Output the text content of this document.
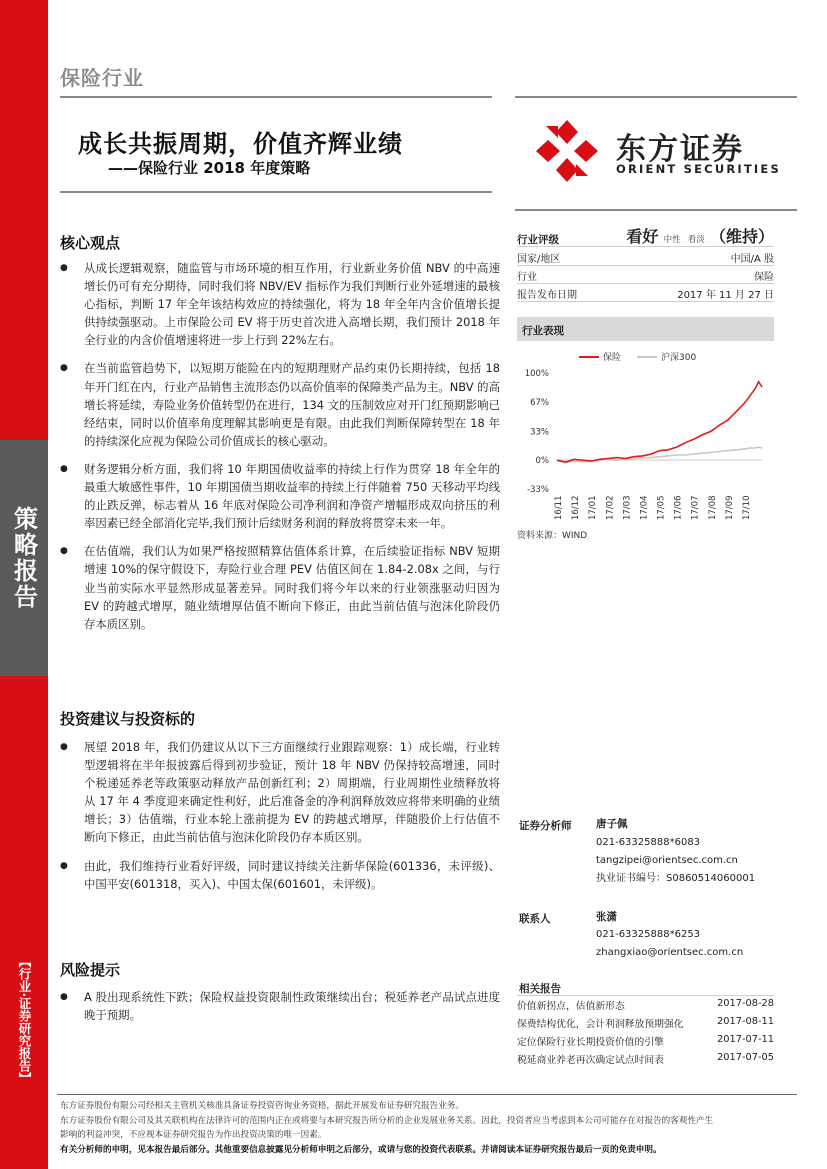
策略报告
【行业·证券研究报告】
保险行业
成长共振周期，价值齐辉业绩
——保险行业 2018 年度策略
东方证券
ORIENT SECURITIES
核心观点
● 从成长逻辑观察，随监管与市场环境的相互作用，行业新业务价值 NBV 的中高速增长仍可有充分期待，同时我们将 NBV/EV 指标作为我们判断行业外延增速的最核心指标，判断 17 年全年该结构效应的持续强化，将为 18 年全年内含价值增长提供持续强驱动。上市保险公司 EV 将于历史首次进入高增长期，我们预计 2018 年全行业的内含价值增速将进一步上行到 22%左右。
● 在当前监管趋势下，以短期万能险在内的短期理财产品约束仍长期持续，包括 18 年开门红在内，行业产品销售主流形态仍以高价值率的保障类产品为主。NBV 的高增长将延续，寿险业务价值转型仍在进行，134 文的压制效应对开门红预期影响已经结束，同时以价值率角度理解其影响更是有限。由此我们判断保障转型在 18 年的持续深化应视为保险公司价值成长的核心驱动。
● 财务逻辑分析方面，我们将 10 年期国债收益率的持续上行作为贯穿 18 年全年的最重大敏感性事件，10 年期国债当期收益率的持续上行伴随着 750 天移动平均线的止跌反弹，标志着从 16 年底对保险公司净利润和净资产增幅形成双向挤压的利率因素已经全部消化完毕,我们预计后续财务利润的释放将贯穿未来一年。
● 在估值端，我们认为如果严格按照精算估值体系计算，在后续验证指标 NBV 短期增速 10%的保守假设下，寿险行业合理 PEV 估值区间在 1.84-2.08x 之间，与行业当前实际水平显然形成显著差异。同时我们将今年以来的行业领涨驱动归因为 EV 的跨越式增厚，随业绩增厚估值不断向下修正，由此当前估值与泡沫化阶段仍存本质区别。
投资建议与投资标的
● 展望 2018 年，我们仍建议从以下三方面继续行业跟踪观察：1）成长端，行业转型逻辑将在半年报披露后得到初步验证，预计 18 年 NBV 仍保持较高增速，同时个税递延养老等政策驱动释放产品创新红利；2）周期端，行业周期性业绩释放将从 17 年 4 季度迎来确定性利好，此后准备金的净利润释放效应将带来明确的业绩增长；3）估值端，行业本轮上涨前提为 EV 的跨越式增厚，伴随股价上行估值不断向下修正，由此当前估值与泡沫化阶段仍存本质区别。
● 由此，我们维持行业看好评级，同时建议持续关注新华保险(601336，未评级)、中国平安(601318，买入)、中国太保(601601，未评级)。
风险提示
● A 股出现系统性下跌；保险权益投资限制性政策继续出台；税延养老产品试点进度晚于预期。
行业评级	看好 中性 看淡 （维持）
国家/地区	中国/A 股
行业	保险
报告发布日期	2017 年 11 月 27 日
行业表现
保险	沪深300
100%
67%
33%
0%
-33%
16/11 16/12 17/01 17/02 17/03 17/04 17/05 17/06 17/07 17/08 17/09 17/10
资料来源：WIND
证券分析师 唐子佩
021-63325888*6083
tangzipei@orientsec.com.cn
执业证书编号：S0860514060001
联系人	张潇
021-63325888*6253
zhangxiao@orientsec.com.cn
相关报告
价值新拐点，估值新形态	2017-08-28
保费结构优化，会计利润释放预期强化	2017-08-11
定位保险行业长期投资价值的引擎	2017-07-11
税延商业养老再次确定试点时间表	2017-07-05
东方证券股份有限公司经相关主管机关核准具备证券投资咨询业务资格，据此开展发布证券研究报告业务。
东方证券股份有限公司及其关联机构在法律许可的范围内正在或将要与本研究报告所分析的企业发展业务关系。因此，投资者应当考虑到本公司可能存在对报告的客观性产生
影响的利益冲突，不应视本证券研究报告为作出投资决策的唯一因素。
有关分析师的申明，见本报告最后部分。其他重要信息披露见分析师申明之后部分，或请与您的投资代表联系。并请阅读本证券研究报告最后一页的免责申明。
